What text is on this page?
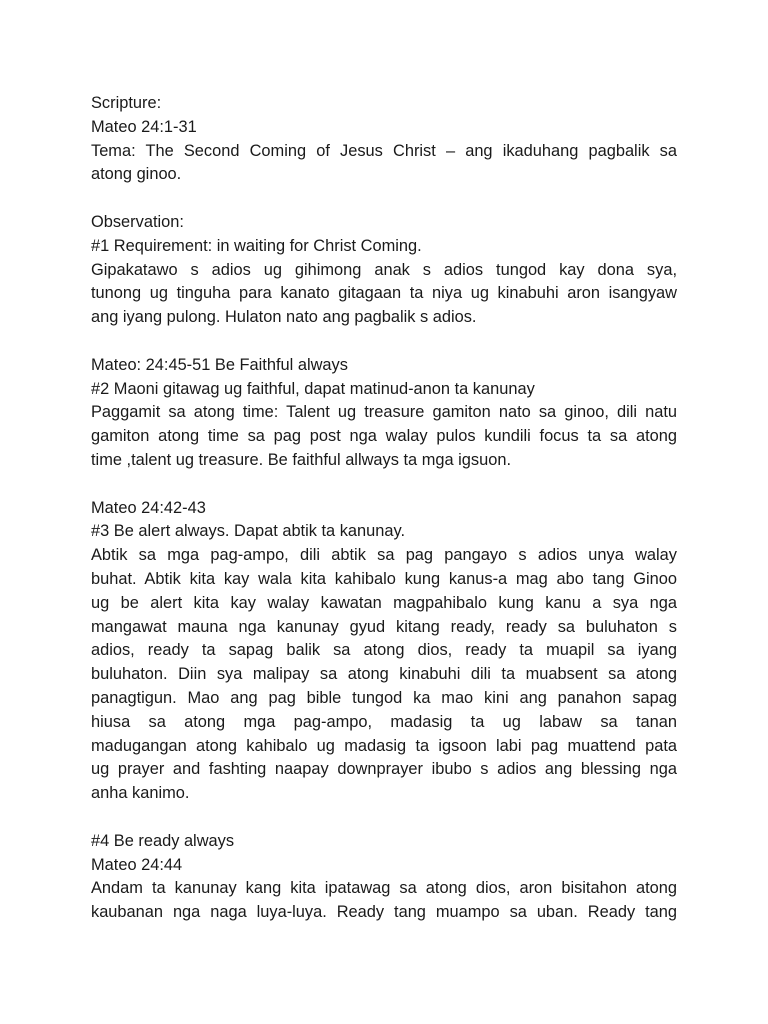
Scripture:
Mateo 24:1-31
Tema: The Second Coming of Jesus Christ – ang ikaduhang pagbalik sa
atong ginoo.
Observation:
#1 Requirement: in waiting for Christ Coming.
Gipakatawo s adios ug gihimong anak s adios tungod kay dona sya,
tunong ug tinguha para kanato gitagaan ta niya ug kinabuhi aron isangyaw
ang iyang pulong. Hulaton nato ang pagbalik s adios.
Mateo: 24:45-51 Be Faithful always
#2 Maoni gitawag ug faithful, dapat matinud-anon ta kanunay
Paggamit sa atong time: Talent ug treasure gamiton nato sa ginoo, dili natu
gamiton atong time sa pag post nga walay pulos kundili focus ta sa atong
time ,talent ug treasure. Be faithful allways ta mga igsuon.
Mateo 24:42-43
#3 Be alert always. Dapat abtik ta kanunay.
Abtik sa mga pag-ampo, dili abtik sa pag pangayo s adios unya walay
buhat. Abtik kita kay wala kita kahibalo kung kanus-a mag abo tang Ginoo
ug be alert kita kay walay kawatan magpahibalo kung kanu a sya nga
mangawat mauna nga kanunay gyud kitang ready, ready sa buluhaton s
adios, ready ta sapag balik sa atong dios, ready ta muapil sa iyang
buluhaton. Diin sya malipay sa atong kinabuhi dili ta muabsent sa atong
panagtigun. Mao ang pag bible tungod ka mao kini ang panahon sapag
hiusa sa atong mga pag-ampo, madasig ta ug labaw sa tanan
madugangan atong kahibalo ug madasig ta igsoon labi pag muattend pata
ug prayer and fashting naapay downprayer ibubo s adios ang blessing nga
anha kanimo.
#4 Be ready always
Mateo 24:44
Andam ta kanunay kang kita ipatawag sa atong dios, aron bisitahon atong
kaubanan nga naga luya-luya. Ready tang muampo sa uban. Ready tang
